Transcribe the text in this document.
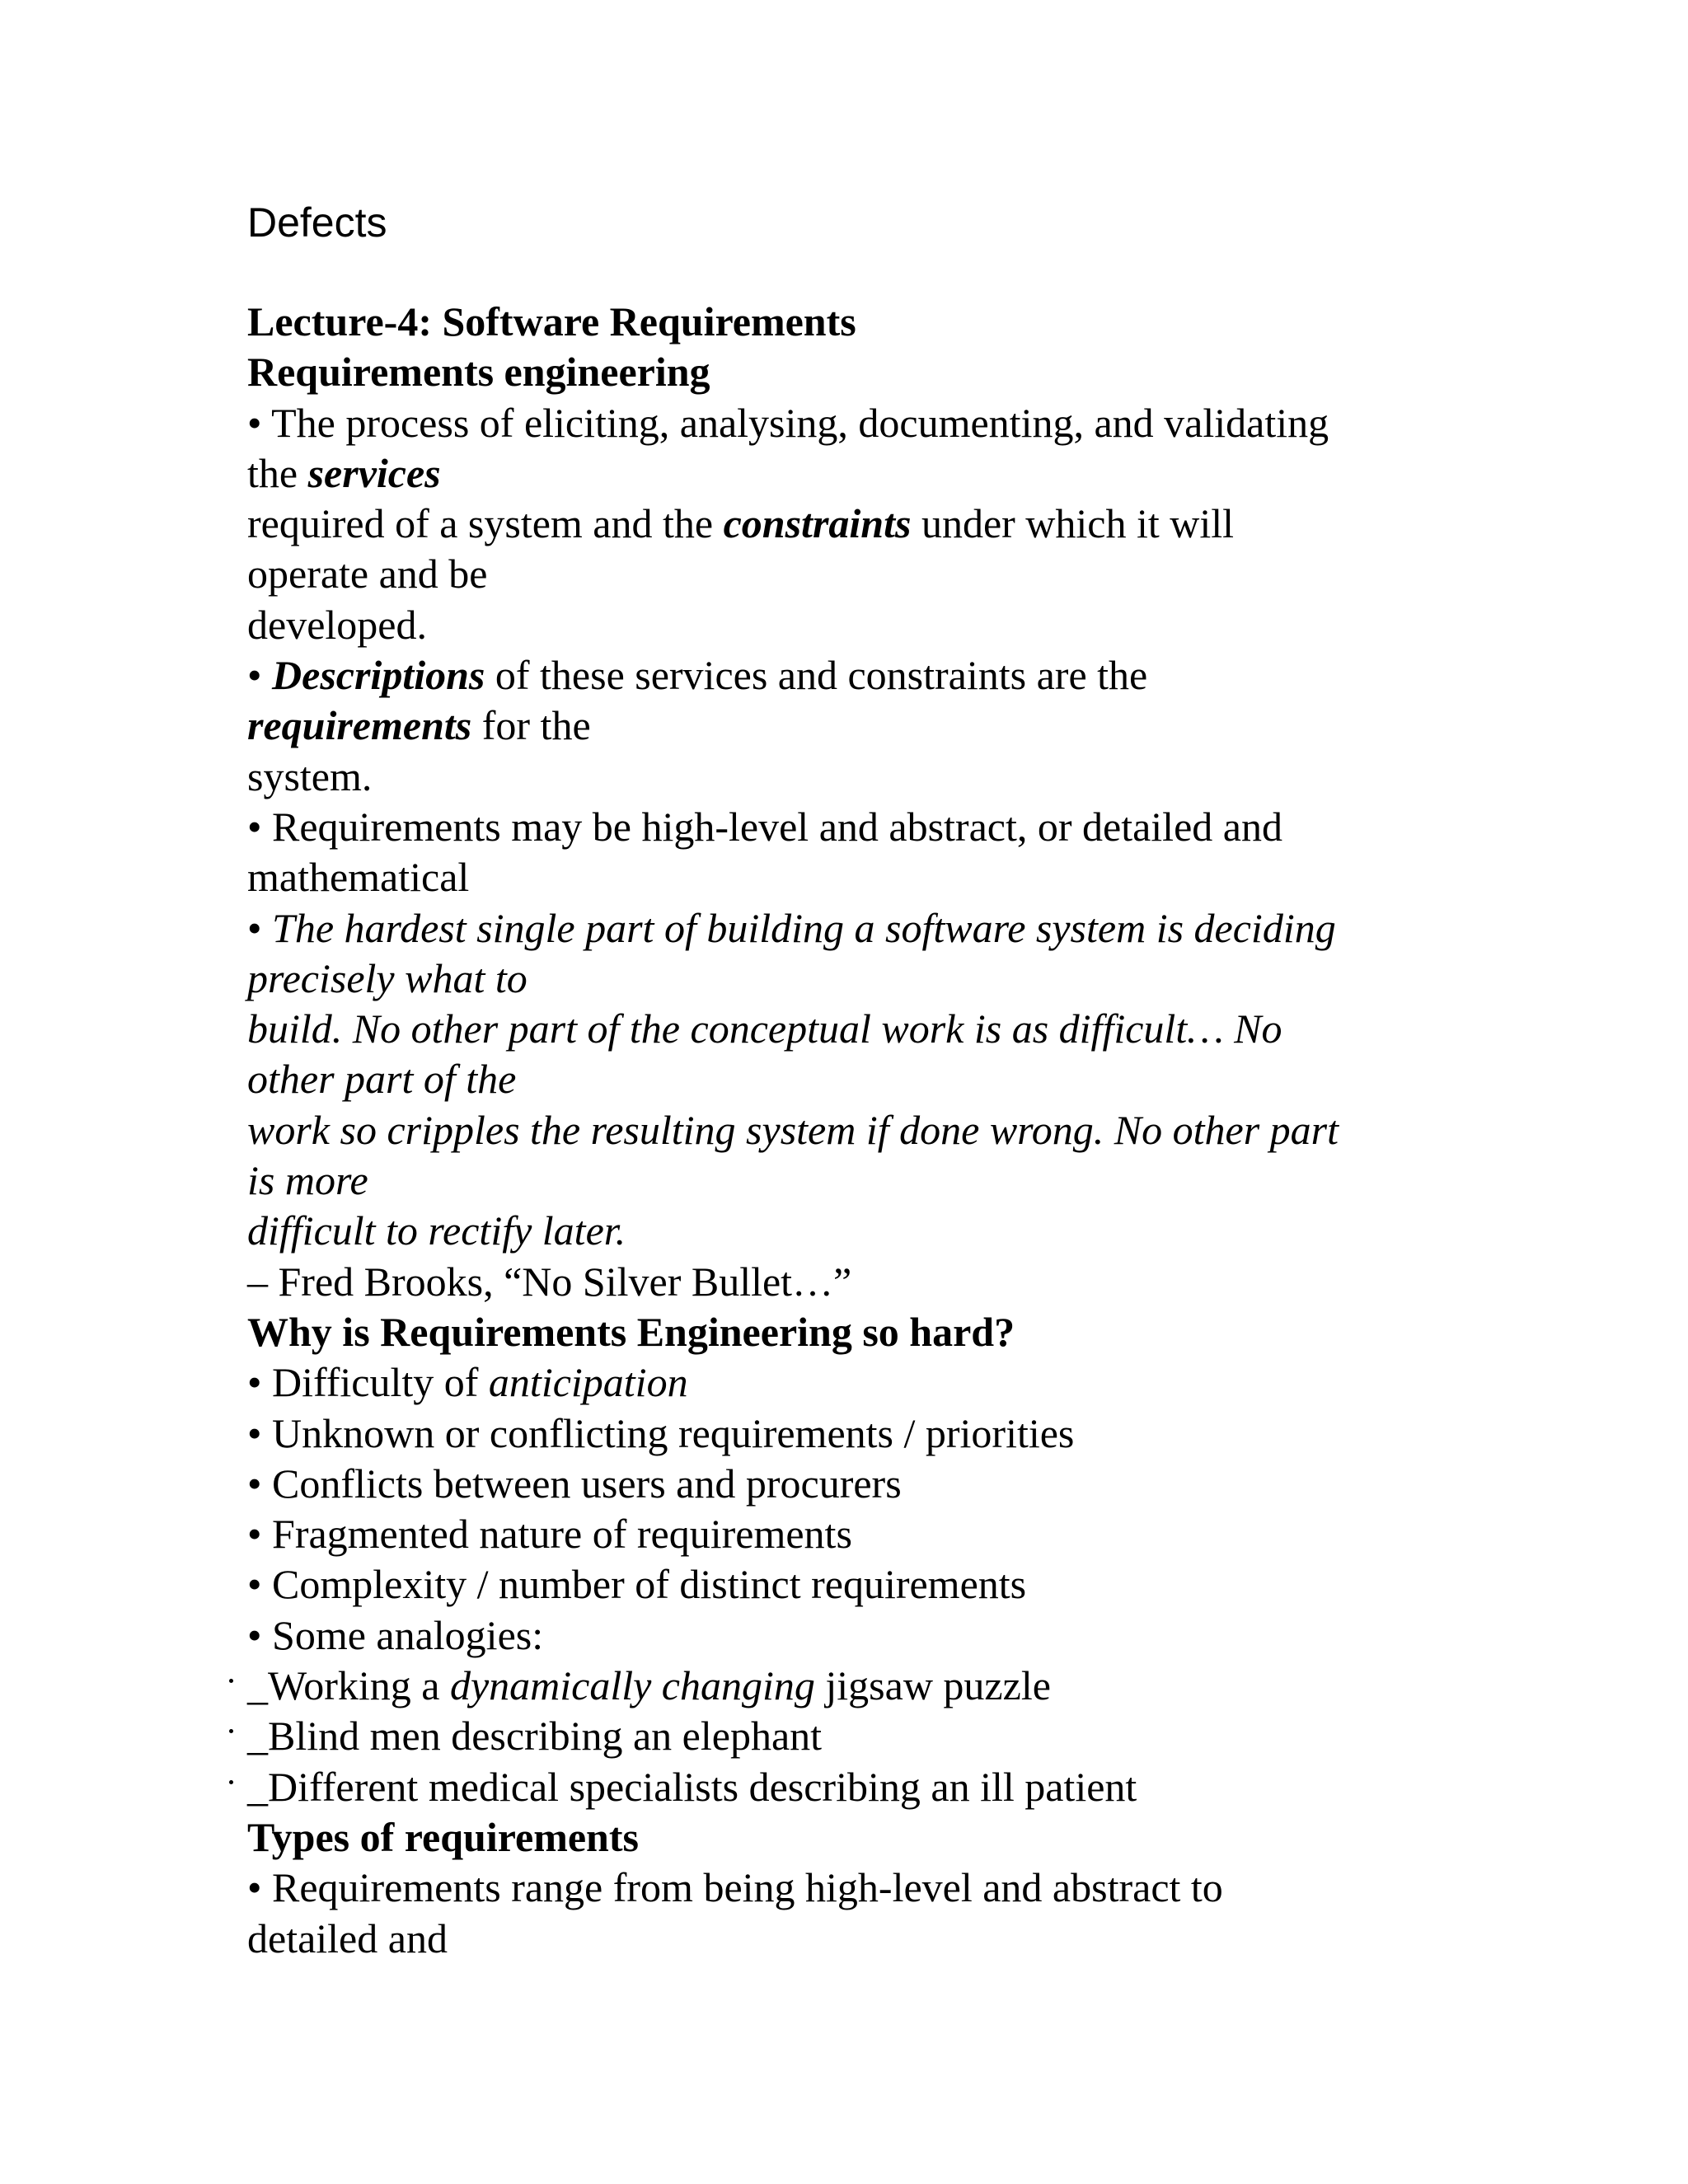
Defects
Lecture-4: Software Requirements
Requirements engineering
• The process of eliciting, analysing, documenting, and validating
the services
required of a system and the constraints under which it will
operate and be
developed.
• Descriptions of these services and constraints are the
requirements for the
system.
• Requirements may be high-level and abstract, or detailed and
mathematical
• The hardest single part of building a software system is deciding
precisely what to
build. No other part of the conceptual work is as difficult… No
other part of the
work so cripples the resulting system if done wrong. No other part
is more
difficult to rectify later.
– Fred Brooks, “No Silver Bullet…”
Why is Requirements Engineering so hard?
• Difficulty of anticipation
• Unknown or conflicting requirements / priorities
• Conflicts between users and procurers
• Fragmented nature of requirements
• Complexity / number of distinct requirements
• Some analogies:
_Working a dynamically changing jigsaw puzzle
_Blind men describing an elephant
_Different medical specialists describing an ill patient
Types of requirements
• Requirements range from being high-level and abstract to
detailed and
